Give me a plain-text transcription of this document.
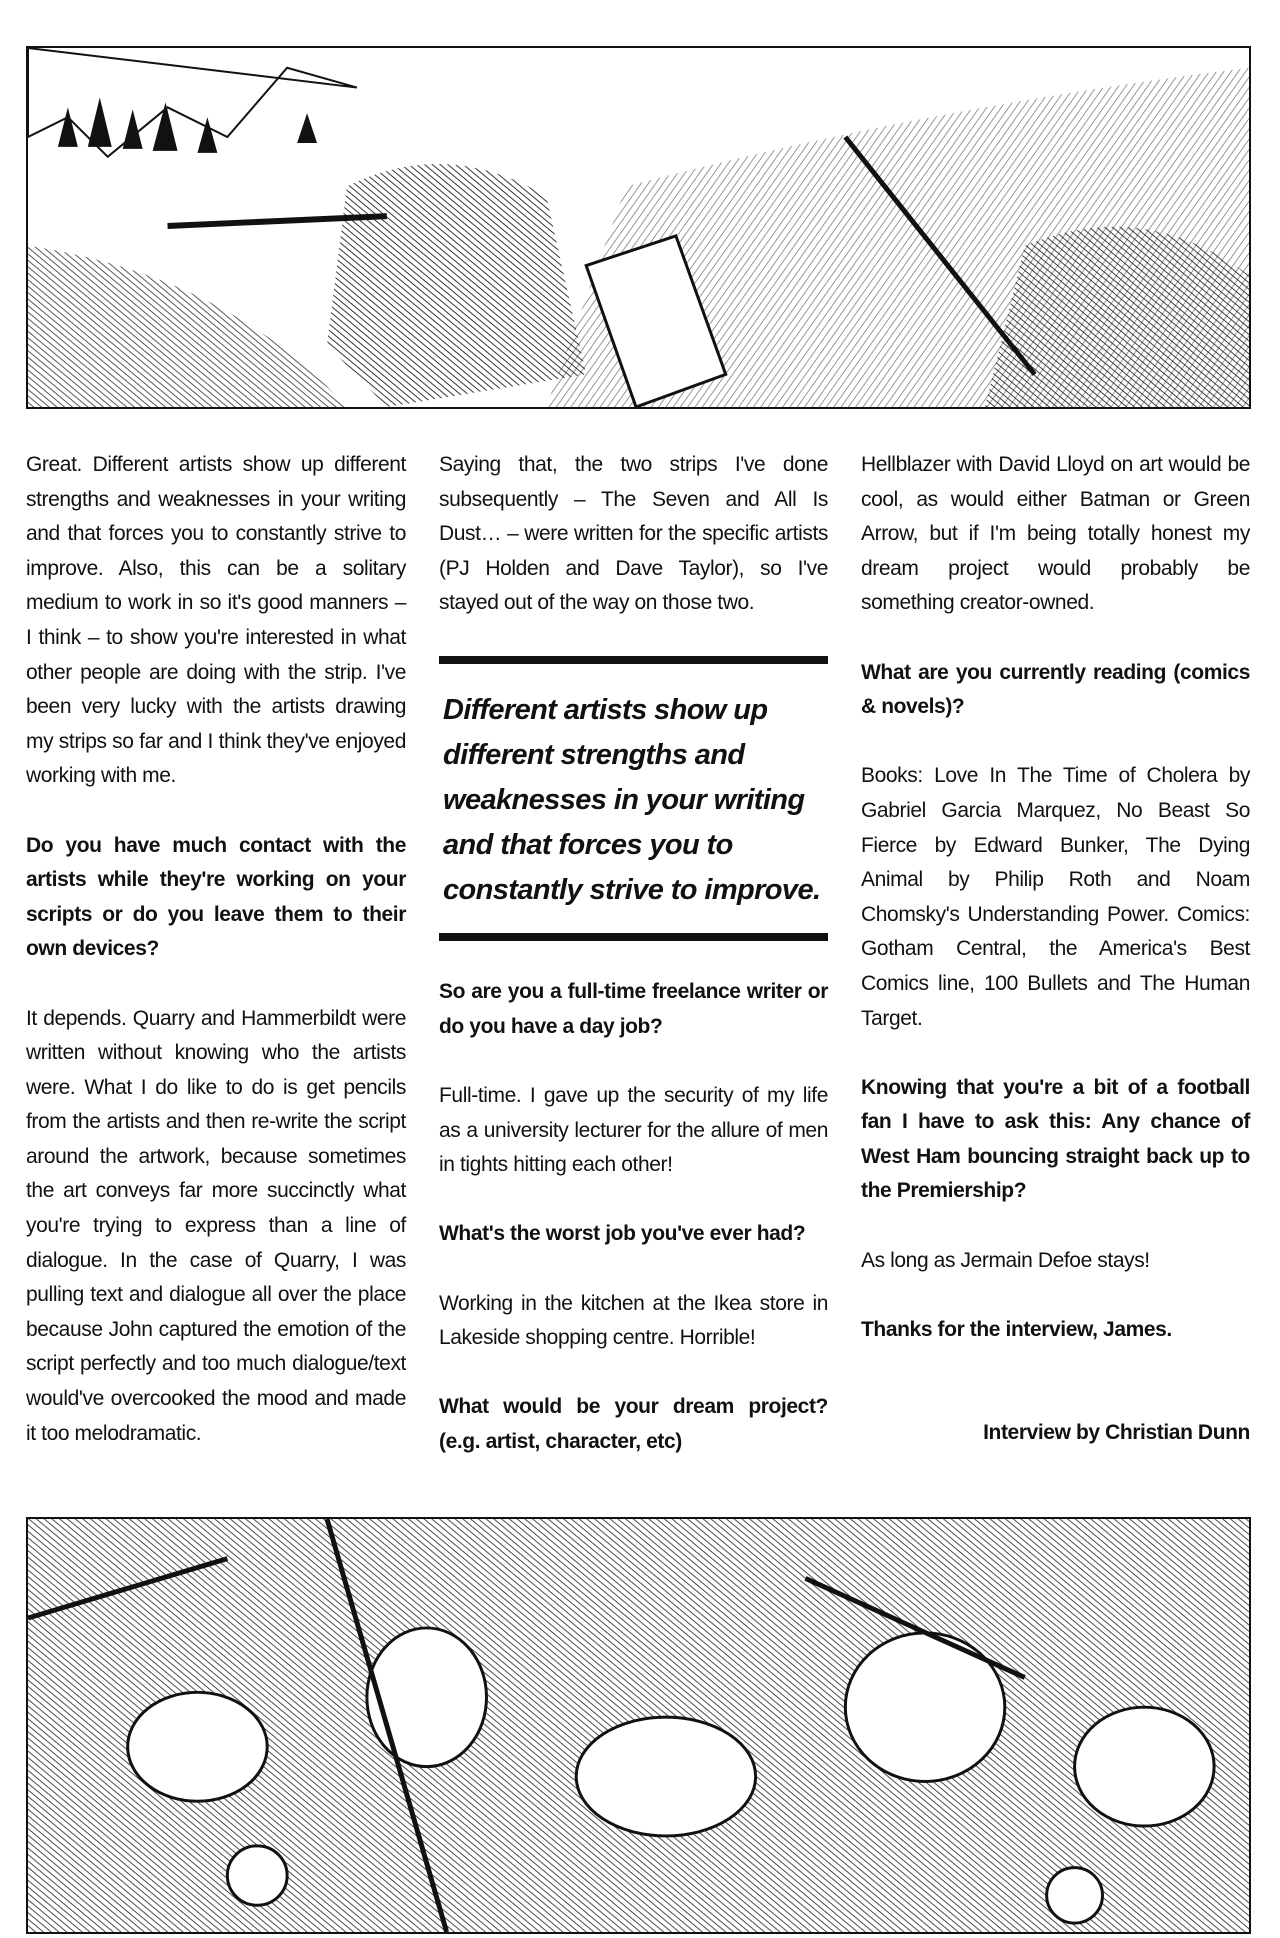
Great. Different artists show up different strengths and weaknesses in your writing and that forces you to constantly strive to improve. Also, this can be a solitary medium to work in so it's good manners – I think – to show you're interested in what other people are doing with the strip. I've been very lucky with the artists drawing my strips so far and I think they've enjoyed working with me.

Do you have much contact with the artists while they're working on your scripts or do you leave them to their own devices?

It depends. Quarry and Hammerbildt were written without knowing who the artists were. What I do like to do is get pencils from the artists and then re-write the script around the artwork, because sometimes the art conveys far more succinctly what you're trying to express than a line of dialogue. In the case of Quarry, I was pulling text and dialogue all over the place because John captured the emotion of the script perfectly and too much dialogue/text would've overcooked the mood and made it too melodramatic.

Saying that, the two strips I've done subsequently – The Seven and All Is Dust… – were written for the specific artists (PJ Holden and Dave Taylor), so I've stayed out of the way on those two.

Different artists show up different strengths and weaknesses in your writing and that forces you to constantly strive to improve.

So are you a full-time freelance writer or do you have a day job?

Full-time. I gave up the security of my life as a university lecturer for the allure of men in tights hitting each other!

What's the worst job you've ever had?

Working in the kitchen at the Ikea store in Lakeside shopping centre. Horrible!

What would be your dream project? (e.g. artist, character, etc)

Hellblazer with David Lloyd on art would be cool, as would either Batman or Green Arrow, but if I'm being totally honest my dream project would probably be something creator-owned.

What are you currently reading (comics & novels)?

Books: Love In The Time of Cholera by Gabriel Garcia Marquez, No Beast So Fierce by Edward Bunker, The Dying Animal by Philip Roth and Noam Chomsky's Understanding Power. Comics: Gotham Central, the America's Best Comics line, 100 Bullets and The Human Target.

Knowing that you're a bit of a football fan I have to ask this: Any chance of West Ham bouncing straight back up to the Premiership?

As long as Jermain Defoe stays!

Thanks for the interview, James.

Interview by Christian Dunn
